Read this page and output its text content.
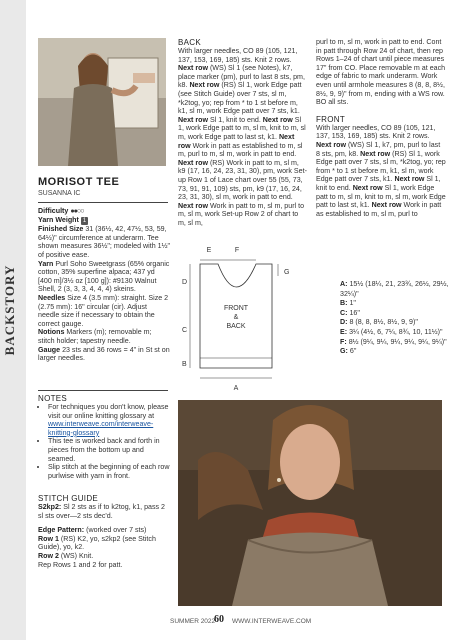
BACKSTORY
MORISOT TEE
SUSANNA IC
Difficulty ●●○○
Yarn Weight 1
Finished Size 31 (36½, 42, 47½, 53, 59, 64½)" circumference at underarm. Tee shown measures 36½"; modeled with 1½" of positive ease.
Yarn Purl Soho Sweetgrass (65% organic cotton, 35% superfine alpaca; 437 yd [400 m]/3½ oz [100 g]): #9130 Walnut Shell, 2 (3, 3, 3, 4, 4, 4) skeins.
Needles Size 4 (3.5 mm): straight. Size 2 (2.75 mm): 16" circular (cir). Adjust needle size if necessary to obtain the correct gauge.
Notions Markers (m); removable m; stitch holder; tapestry needle.
Gauge 23 sts and 36 rows = 4" in St st on larger needles.
NOTES
• For techniques you don't know, please visit our online knitting glossary at www.interweave.com/interweave-knitting-glossary
• This tee is worked back and forth in pieces from the bottom up and seamed.
• Slip stitch at the beginning of each row purlwise with yarn in front.
STITCH GUIDE
S2kp2: Sl 2 sts as if to k2tog, k1, pass 2 sl sts over—2 sts dec'd.
Edge Pattern: (worked over 7 sts)
Row 1 (RS) K2, yo, s2kp2 (see Stitch Guide), yo, k2.
Row 2 (WS) Knit.
Rep Rows 1 and 2 for patt.
BACK
With larger needles, CO 89 (105, 121, 137, 153, 169, 185) sts. Knit 2 rows. Next row (WS) Sl 1 (see Notes), k7, place marker (pm), purl to last 8 sts, pm, k8. Next row (RS) Sl 1, work Edge patt (see Stitch Guide) over 7 sts, sl m, *k2tog, yo; rep from * to 1 st before m, k1, sl m, work Edge patt over 7 sts, k1. Next row Sl 1, knit to end. Next row Sl 1, work Edge patt to m, sl m, knit to m, sl m, work Edge patt to last st, k1. Next row Work in patt as established to m, sl m, purl to m, sl m, work in patt to end. Next row (RS) Work in patt to m, sl m, k9 (17, 16, 24, 23, 31, 30), pm, work Set-up Row 1 of Lace chart over 55 (55, 73, 73, 91, 91, 109) sts, pm, k9 (17, 16, 24, 23, 31, 30), sl m, work in patt to end. Next row Work in patt to m, sl m, purl to m, sl m, work Set-up Row 2 of chart to m, sl m,
purl to m, sl m, work in patt to end. Cont in patt through Row 24 of chart, then rep Rows 1–24 of chart until piece measures 17" from CO. Place removable m at each edge of fabric to mark underarm. Work even until armhole measures 8 (8, 8, 8½, 8½, 9, 9)" from m, ending with a WS row. BO all sts.
FRONT
With larger needles, CO 89 (105, 121, 137, 153, 169, 185) sts. Knit 2 rows. Next row (WS) Sl 1, k7, pm, purl to last 8 sts, pm, k8. Next row (RS) Sl 1, work Edge patt over 7 sts, sl m, *k2tog, yo; rep from * to 1 st before m, k1, sl m, work Edge patt over 7 sts, k1. Next row Sl 1, knit to end. Next row Sl 1, work Edge patt to m, sl m, knit to m, sl m, work Edge patt to last st, k1. Next row Work in patt as established to m, sl m, purl to
E	F
D
C
B
A
G
FRONT
&
BACK
A: 15½ (18¼, 21, 23¾, 26½, 29½, 32¼)"
B: 1"
C: 16"
D: 8 (8, 8, 8½, 8½, 9, 9)"
E: 3¼ (4½, 6, 7¼, 8¾, 10, 11½)"
F: 8½ (9¼, 9¼, 9¼, 9¼, 9¼, 9¼)"
G: 6"
SUMMER 2022
60 WWW.INTERWEAVE.COM
